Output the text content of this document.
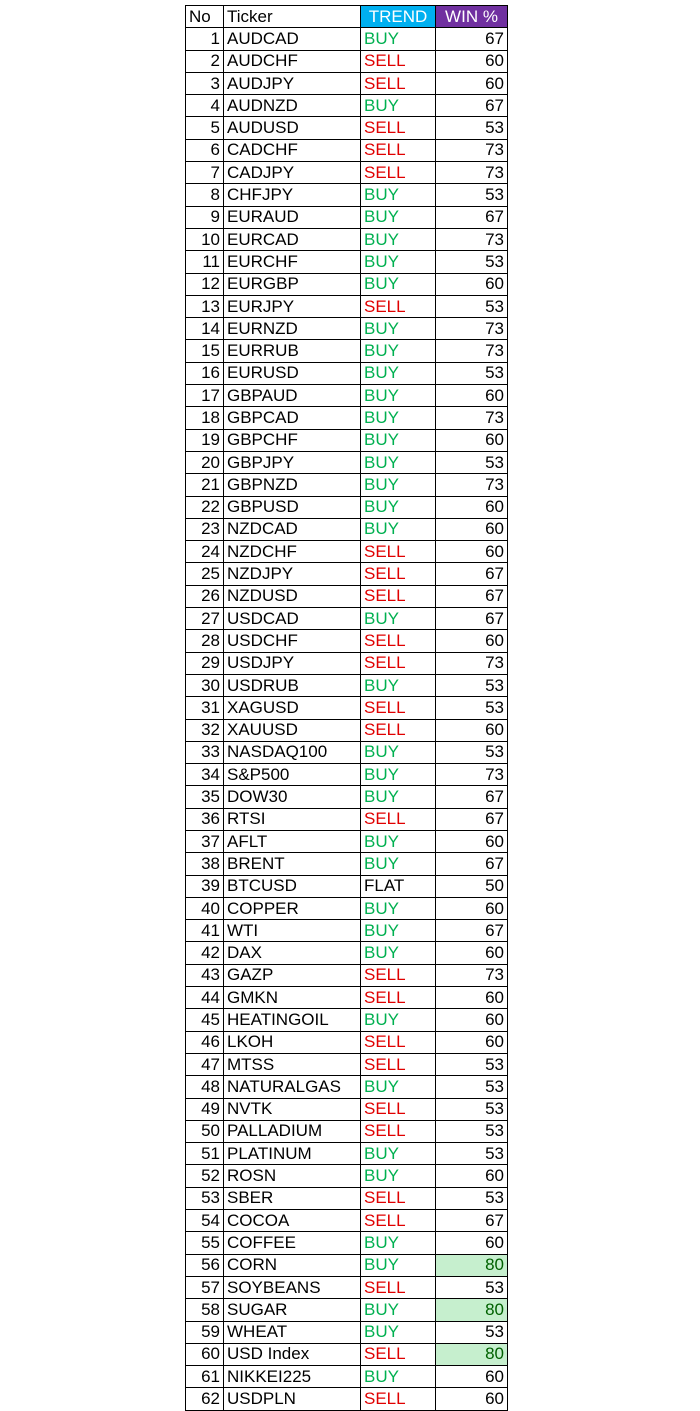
No	Ticker	TREND	WIN %
1	AUDCAD	BUY	67
2	AUDCHF	SELL	60
3	AUDJPY	SELL	60
4	AUDNZD	BUY	67
5	AUDUSD	SELL	53
6	CADCHF	SELL	73
7	CADJPY	SELL	73
8	CHFJPY	BUY	53
9	EURAUD	BUY	67
10	EURCAD	BUY	73
11	EURCHF	BUY	53
12	EURGBP	BUY	60
13	EURJPY	SELL	53
14	EURNZD	BUY	73
15	EURRUB	BUY	73
16	EURUSD	BUY	53
17	GBPAUD	BUY	60
18	GBPCAD	BUY	73
19	GBPCHF	BUY	60
20	GBPJPY	BUY	53
21	GBPNZD	BUY	73
22	GBPUSD	BUY	60
23	NZDCAD	BUY	60
24	NZDCHF	SELL	60
25	NZDJPY	SELL	67
26	NZDUSD	SELL	67
27	USDCAD	BUY	67
28	USDCHF	SELL	60
29	USDJPY	SELL	73
30	USDRUB	BUY	53
31	XAGUSD	SELL	53
32	XAUUSD	SELL	60
33	NASDAQ100	BUY	53
34	S&P500	BUY	73
35	DOW30	BUY	67
36	RTSI	SELL	67
37	AFLT	BUY	60
38	BRENT	BUY	67
39	BTCUSD	FLAT	50
40	COPPER	BUY	60
41	WTI	BUY	67
42	DAX	BUY	60
43	GAZP	SELL	73
44	GMKN	SELL	60
45	HEATINGOIL	BUY	60
46	LKOH	SELL	60
47	MTSS	SELL	53
48	NATURALGAS	BUY	53
49	NVTK	SELL	53
50	PALLADIUM	SELL	53
51	PLATINUM	BUY	53
52	ROSN	BUY	60
53	SBER	SELL	53
54	COCOA	SELL	67
55	COFFEE	BUY	60
56	CORN	BUY	80
57	SOYBEANS	SELL	53
58	SUGAR	BUY	80
59	WHEAT	BUY	53
60	USD Index	SELL	80
61	NIKKEI225	BUY	60
62	USDPLN	SELL	60
